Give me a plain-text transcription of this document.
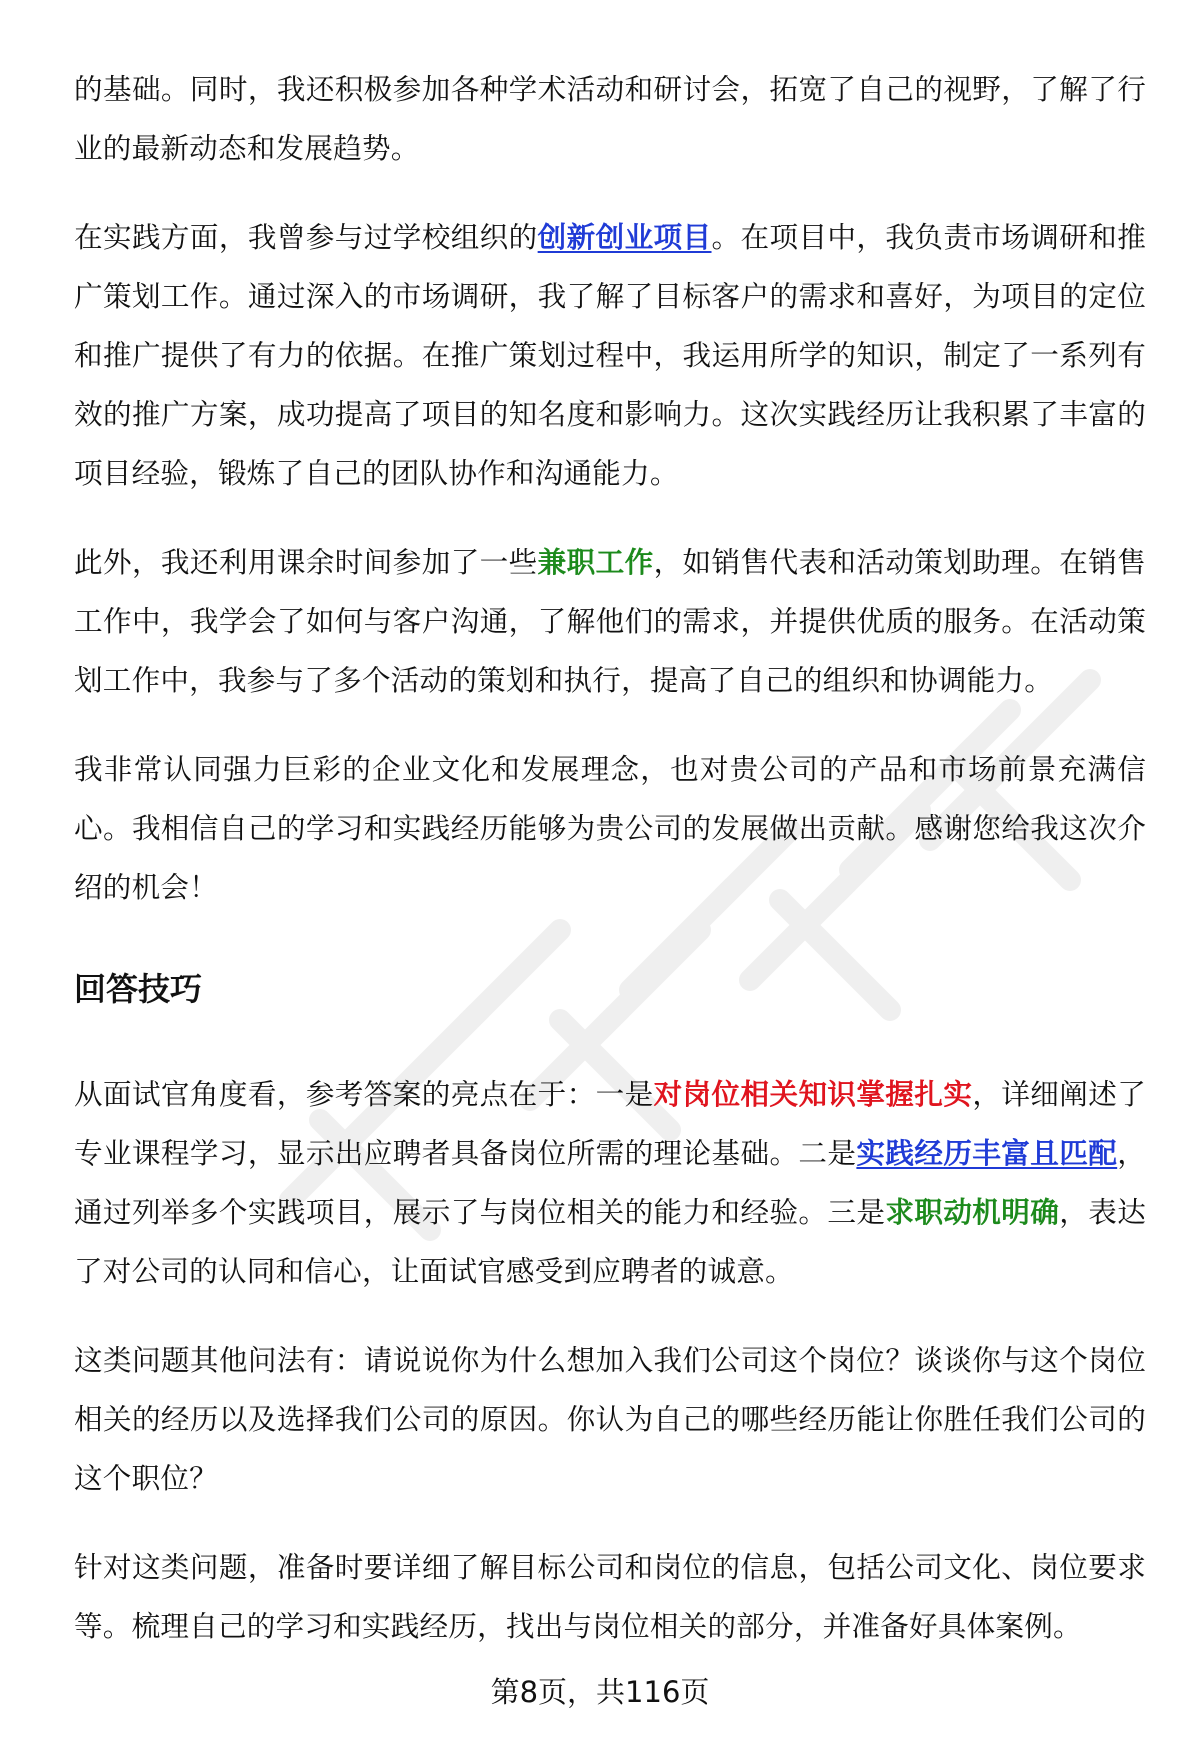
的基础。同时，我还积极参加各种学术活动和研讨会，拓宽了自己的视野，了解了行业的最新动态和发展趋势。

在实践方面，我曾参与过学校组织的创新创业项目。在项目中，我负责市场调研和推广策划工作。通过深入的市场调研，我了解了目标客户的需求和喜好，为项目的定位和推广提供了有力的依据。在推广策划过程中，我运用所学的知识，制定了一系列有效的推广方案，成功提高了项目的知名度和影响力。这次实践经历让我积累了丰富的项目经验，锻炼了自己的团队协作和沟通能力。

此外，我还利用课余时间参加了一些兼职工作，如销售代表和活动策划助理。在销售工作中，我学会了如何与客户沟通，了解他们的需求，并提供优质的服务。在活动策划工作中，我参与了多个活动的策划和执行，提高了自己的组织和协调能力。

我非常认同强力巨彩的企业文化和发展理念，也对贵公司的产品和市场前景充满信心。我相信自己的学习和实践经历能够为贵公司的发展做出贡献。感谢您给我这次介绍的机会！

回答技巧

从面试官角度看，参考答案的亮点在于：一是对岗位相关知识掌握扎实，详细阐述了专业课程学习，显示出应聘者具备岗位所需的理论基础。二是实践经历丰富且匹配，通过列举多个实践项目，展示了与岗位相关的能力和经验。三是求职动机明确，表达了对公司的认同和信心，让面试官感受到应聘者的诚意。

这类问题其他问法有：请说说你为什么想加入我们公司这个岗位？谈谈你与这个岗位相关的经历以及选择我们公司的原因。你认为自己的哪些经历能让你胜任我们公司的这个职位？

针对这类问题，准备时要详细了解目标公司和岗位的信息，包括公司文化、岗位要求等。梳理自己的学习和实践经历，找出与岗位相关的部分，并准备好具体案例。

第8页，共116页
